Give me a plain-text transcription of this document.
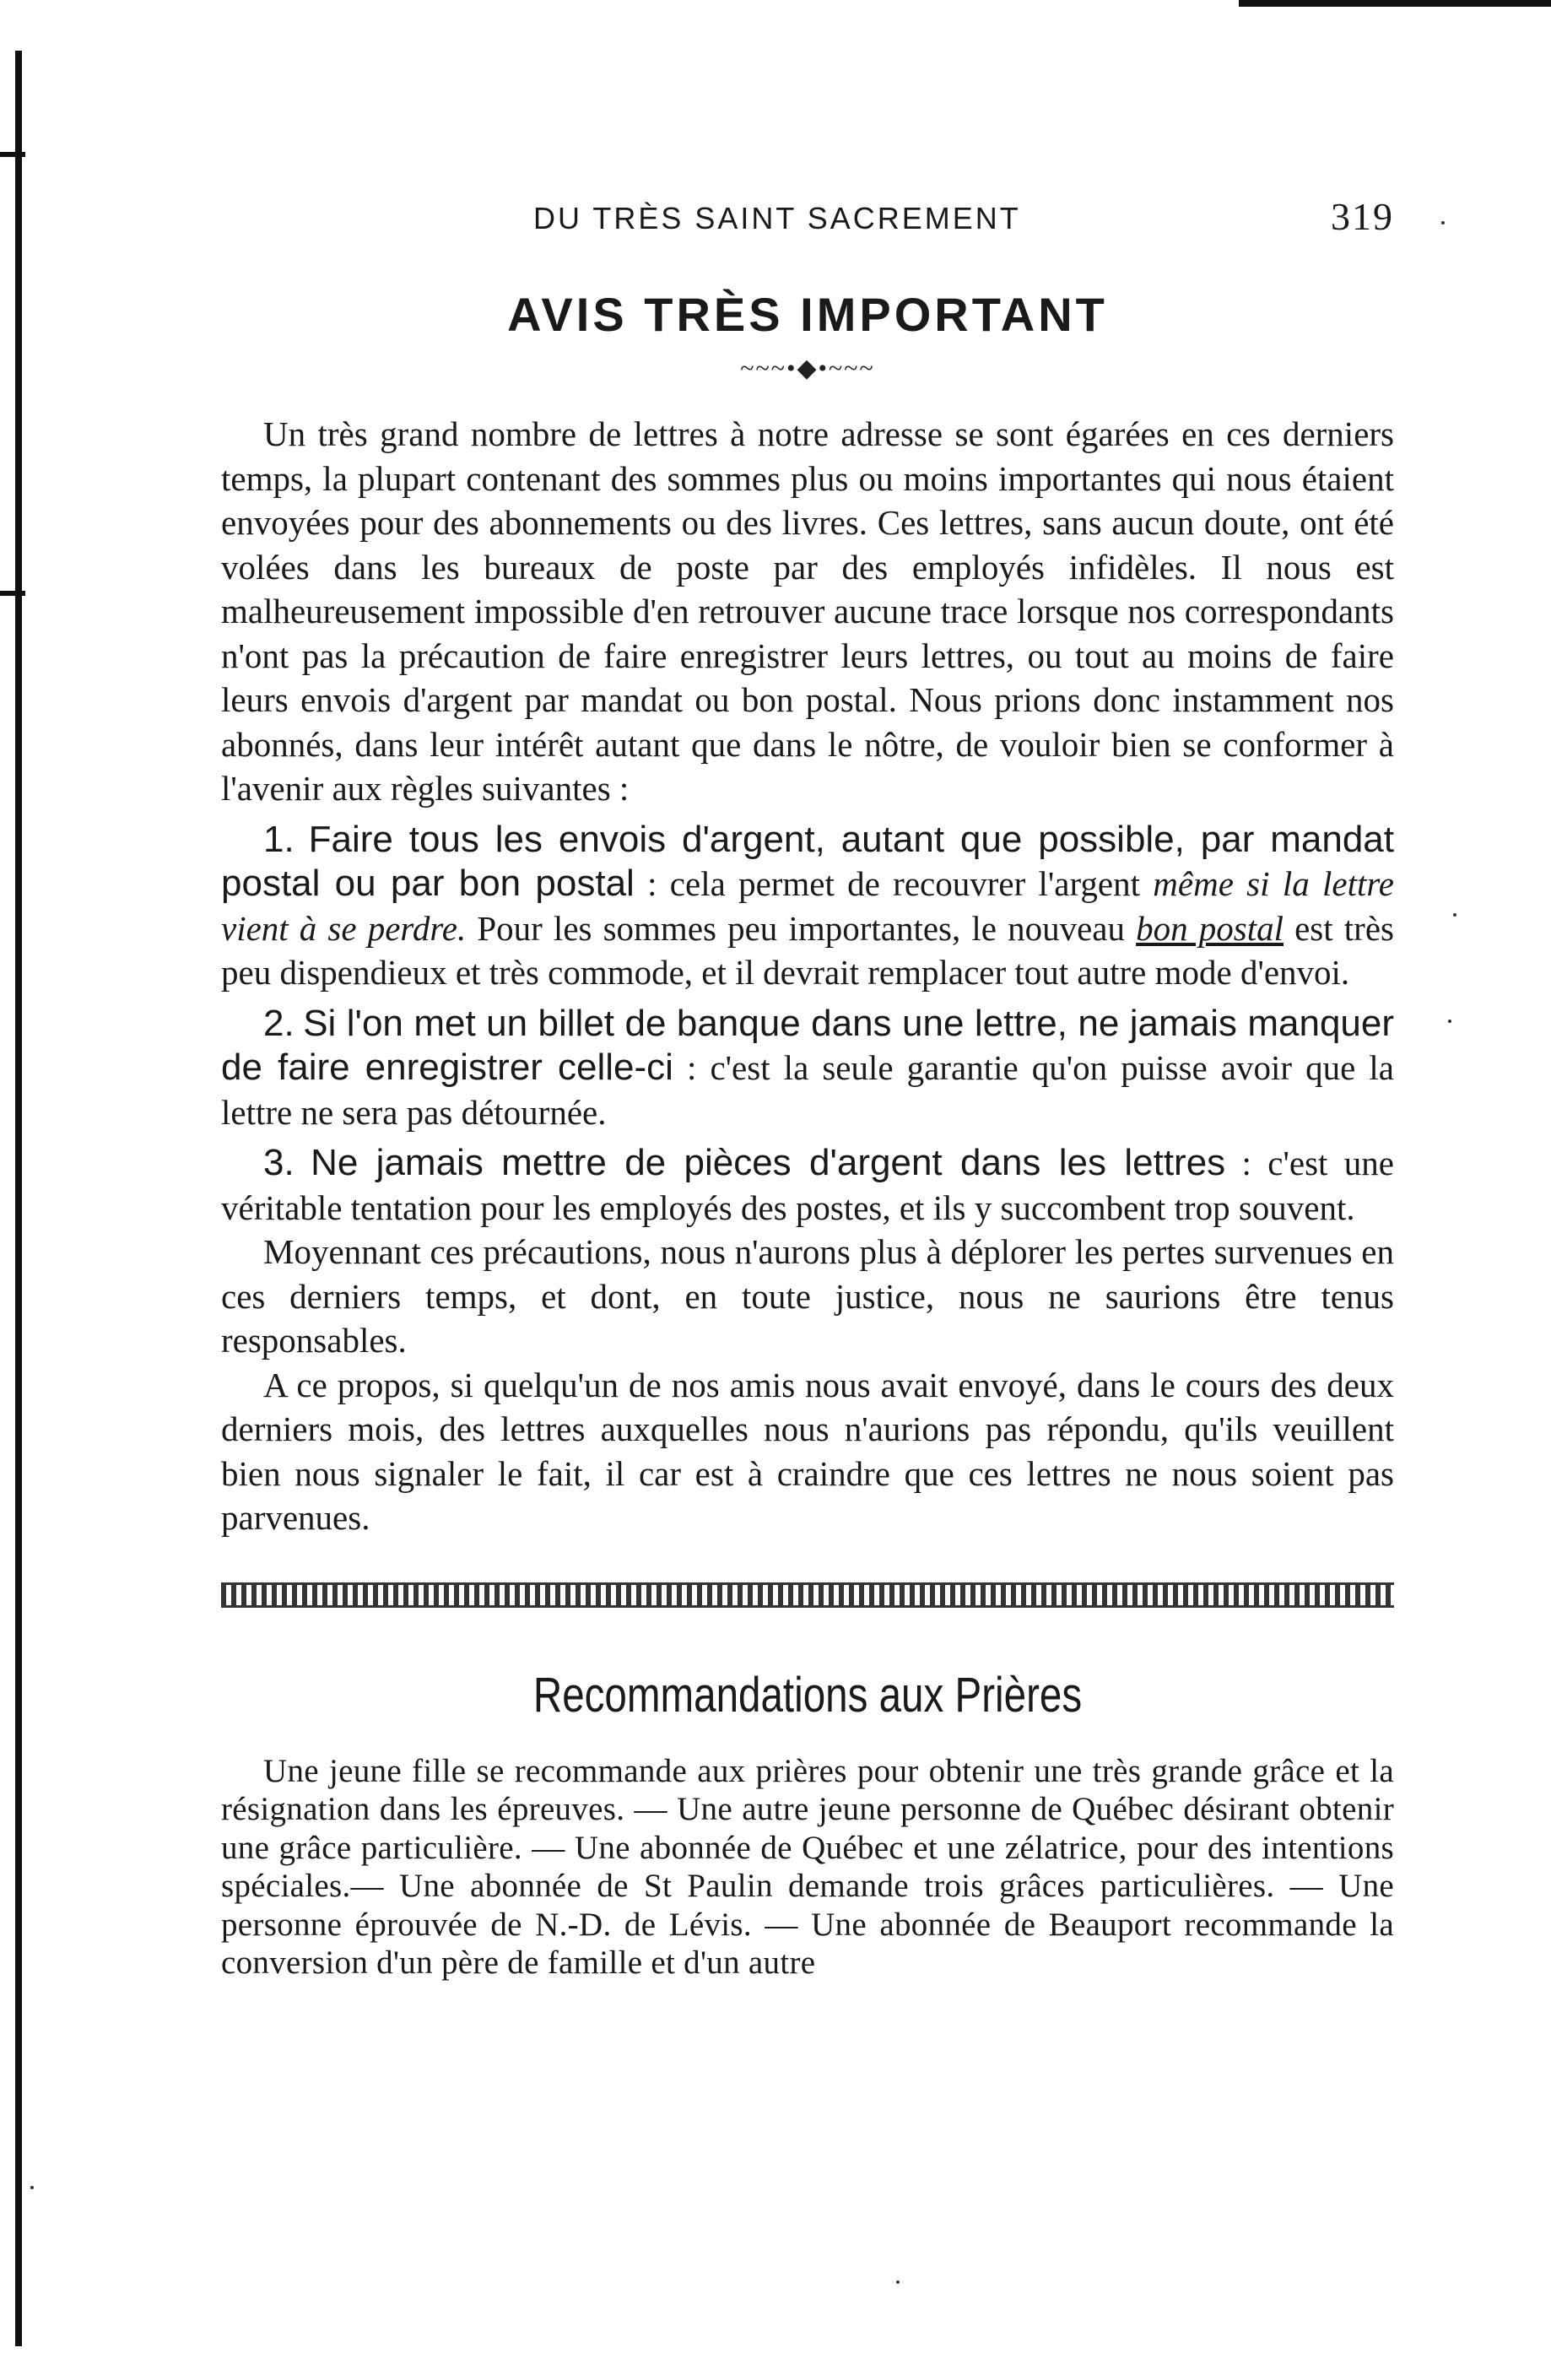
DU TRÈS SAINT SACREMENT	319
AVIS TRÈS IMPORTANT
~~~•◆•~~~

Un très grand nombre de lettres à notre adresse se sont égarées en ces derniers temps, la plupart contenant des sommes plus ou moins importantes qui nous étaient envoyées pour des abonnements ou des livres. Ces lettres, sans aucun doute, ont été volées dans les bureaux de poste par des employés infidèles. Il nous est malheureusement impossible d'en retrouver aucune trace lorsque nos correspondants n'ont pas la précaution de faire enregistrer leurs lettres, ou tout au moins de faire leurs envois d'argent par mandat ou bon postal. Nous prions donc instamment nos abonnés, dans leur intérêt autant que dans le nôtre, de vouloir bien se conformer à l'avenir aux règles suivantes :

1. Faire tous les envois d'argent, autant que possible, par mandat postal ou par bon postal : cela permet de recouvrer l'argent même si la lettre vient à se perdre. Pour les sommes peu importantes, le nouveau bon postal est très peu dispendieux et très commode, et il devrait remplacer tout autre mode d'envoi.

2. Si l'on met un billet de banque dans une lettre, ne jamais manquer de faire enregistrer celle-ci : c'est la seule garantie qu'on puisse avoir que la lettre ne sera pas détournée.

3. Ne jamais mettre de pièces d'argent dans les lettres : c'est une véritable tentation pour les employés des postes, et ils y succombent trop souvent.

Moyennant ces précautions, nous n'aurons plus à déplorer les pertes survenues en ces derniers temps, et dont, en toute justice, nous ne saurions être tenus responsables.

A ce propos, si quelqu'un de nos amis nous avait envoyé, dans le cours des deux derniers mois, des lettres auxquelles nous n'aurions pas répondu, qu'ils veuillent bien nous signaler le fait, il car est à craindre que ces lettres ne nous soient pas parvenues.

Recommandations aux Prières

Une jeune fille se recommande aux prières pour obtenir une très grande grâce et la résignation dans les épreuves. — Une autre jeune personne de Québec désirant obtenir une grâce particulière. — Une abonnée de Québec et une zélatrice, pour des intentions spéciales.— Une abonnée de St Paulin demande trois grâces particulières. — Une personne éprouvée de N.-D. de Lévis. — Une abonnée de Beauport recommande la conversion d'un père de famille et d'un autre
